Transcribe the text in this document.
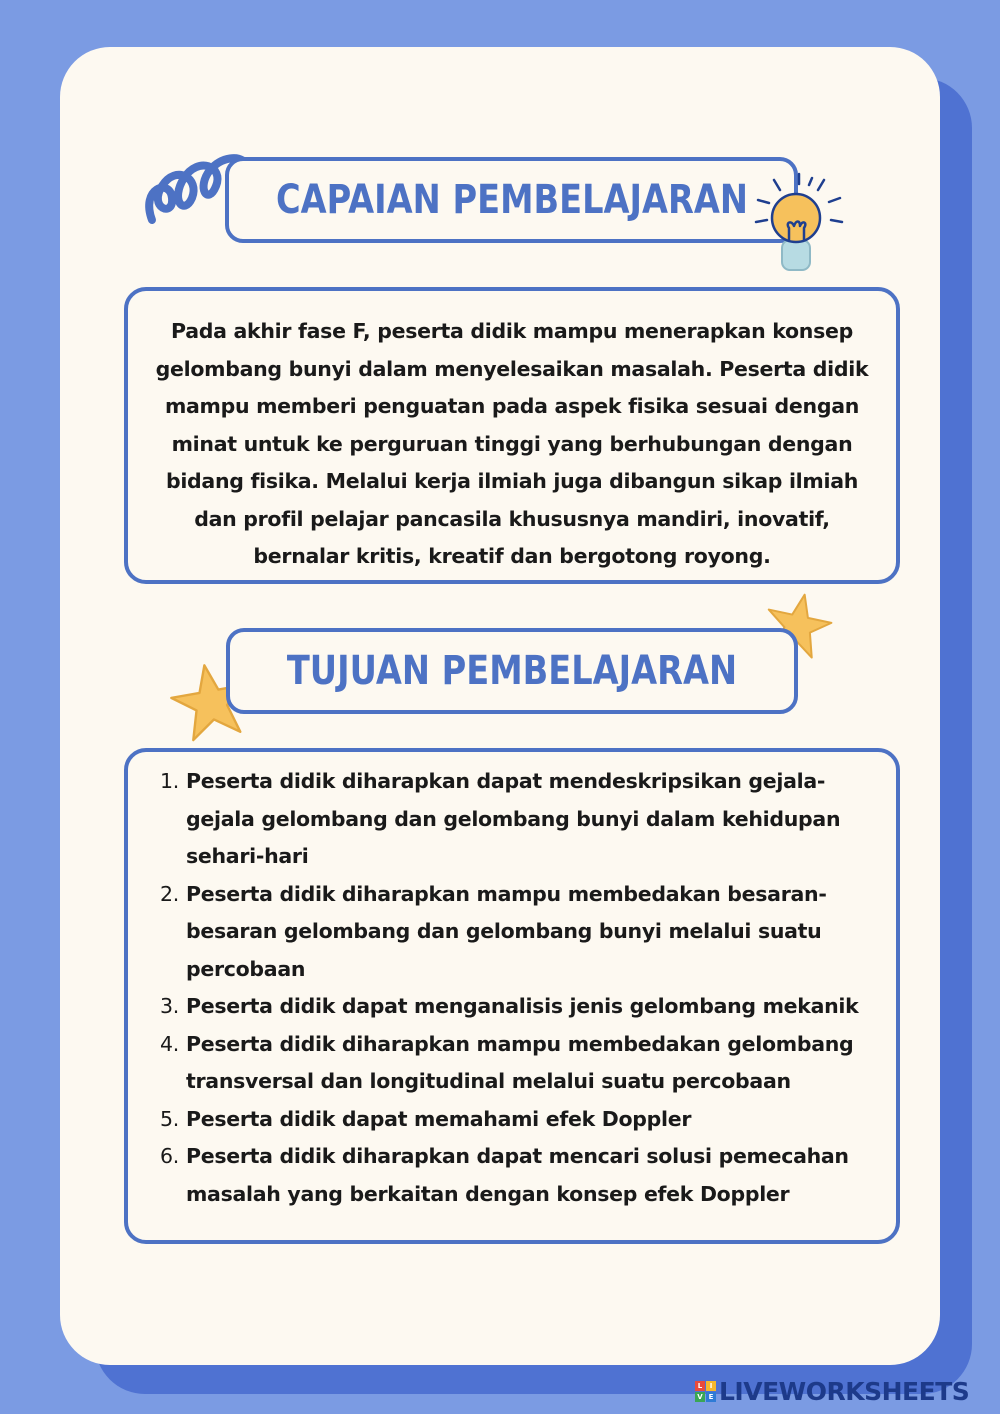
CAPAIAN PEMBELAJARAN
Pada akhir fase F, peserta didik mampu menerapkan konsep gelombang bunyi dalam menyelesaikan masalah. Peserta didik mampu memberi penguatan pada aspek fisika sesuai dengan minat untuk ke perguruan tinggi yang berhubungan dengan bidang fisika. Melalui kerja ilmiah juga dibangun sikap ilmiah dan profil pelajar pancasila khususnya mandiri, inovatif, bernalar kritis, kreatif dan bergotong royong.
TUJUAN PEMBELAJARAN
1. Peserta didik diharapkan dapat mendeskripsikan gejala-gejala gelombang dan gelombang bunyi dalam kehidupan sehari-hari
2. Peserta didik diharapkan mampu membedakan besaran-besaran gelombang dan gelombang bunyi melalui suatu percobaan
3. Peserta didik dapat menganalisis jenis gelombang mekanik
4. Peserta didik diharapkan mampu membedakan gelombang transversal dan longitudinal melalui suatu percobaan
5. Peserta didik dapat memahami efek Doppler
6. Peserta didik diharapkan dapat mencari solusi pemecahan masalah yang berkaitan dengan konsep efek Doppler
L	I
V E LIVEWORKSHEETS
